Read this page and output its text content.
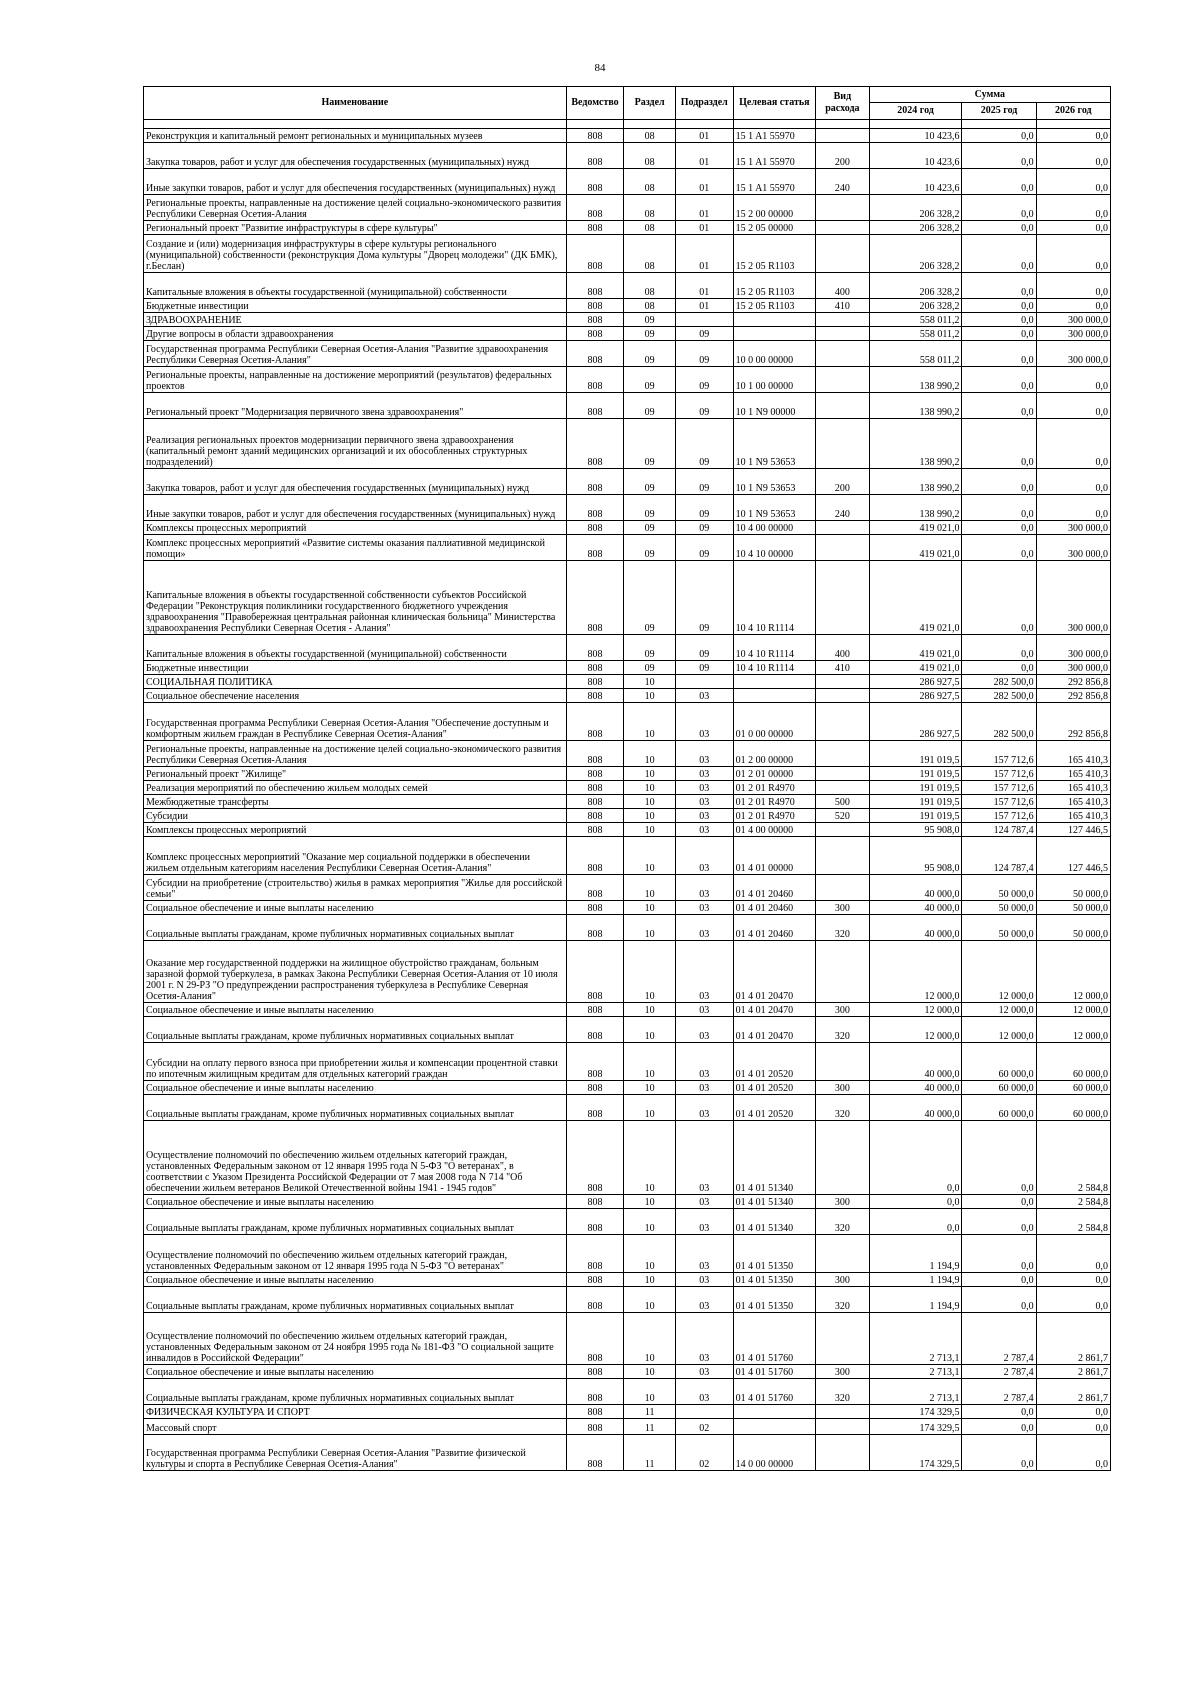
84
Наименование	Ведомство	Раздел	Подраздел	Целевая статья	Вид расхода	Сумма		
						2024 год	2025 год	2026 год

Реконструкция и капитальный ремонт региональных и муниципальных музеев	808	08	01	15 1 A1 55970		10 423,6	0,0	0,0
Закупка товаров, работ и услуг для обеспечения государственных (муниципальных) нужд	808	08	01	15 1 A1 55970	200	10 423,6	0,0	0,0
Иные закупки товаров, работ и услуг для обеспечения государственных (муниципальных) нужд	808	08	01	15 1 A1 55970	240	10 423,6	0,0	0,0
Региональные проекты, направленные на достижение целей социально-экономического развития Республики Северная Осетия-Алания	808	08	01	15 2 00 00000		206 328,2	0,0	0,0
Региональный проект "Развитие инфраструктуры в сфере культуры"	808	08	01	15 2 05 00000		206 328,2	0,0	0,0
Создание и (или) модернизация инфраструктуры в сфере культуры регионального (муниципальной) собственности (реконструкция Дома культуры "Дворец молодежи" (ДК БМК), г.Беслан)	808	08	01	15 2 05 R1103		206 328,2	0,0	0,0
Капитальные вложения в объекты государственной (муниципальной) собственности	808	08	01	15 2 05 R1103	400	206 328,2	0,0	0,0
Бюджетные инвестиции	808	08	01	15 2 05 R1103	410	206 328,2	0,0	0,0
ЗДРАВООХРАНЕНИЕ	808	09				558 011,2	0,0	300 000,0
Другие вопросы в области здравоохранения	808	09	09			558 011,2	0,0	300 000,0
Государственная программа Республики Северная Осетия-Алания "Развитие здравоохранения Республики Северная Осетия-Алания"	808	09	09	10 0 00 00000		558 011,2	0,0	300 000,0
Региональные проекты, направленные на достижение мероприятий (результатов) федеральных проектов	808	09	09	10 1 00 00000		138 990,2	0,0	0,0
Региональный проект "Модернизация первичного звена здравоохранения"	808	09	09	10 1 N9 00000		138 990,2	0,0	0,0
Реализация региональных проектов модернизации первичного звена здравоохранения (капитальный ремонт зданий медицинских организаций и их обособленных структурных подразделений)	808	09	09	10 1 N9 53653		138 990,2	0,0	0,0
Закупка товаров, работ и услуг для обеспечения государственных (муниципальных) нужд	808	09	09	10 1 N9 53653	200	138 990,2	0,0	0,0
Иные закупки товаров, работ и услуг для обеспечения государственных (муниципальных) нужд	808	09	09	10 1 N9 53653	240	138 990,2	0,0	0,0
Комплексы процессных мероприятий	808	09	09	10 4 00 00000		419 021,0	0,0	300 000,0
Комплекс процессных мероприятий «Развитие системы оказания паллиативной медицинской помощи»	808	09	09	10 4 10 00000		419 021,0	0,0	300 000,0
Капитальные вложения в объекты государственной собственности субъектов Российской Федерации "Реконструкция поликлиники государственного бюджетного учреждения здравоохранения "Правобережная центральная районная клиническая больница" Министерства здравоохранения Республики Северная Осетия - Алания"	808	09	09	10 4 10 R1114		419 021,0	0,0	300 000,0
Капитальные вложения в объекты государственной (муниципальной) собственности	808	09	09	10 4 10 R1114	400	419 021,0	0,0	300 000,0
Бюджетные инвестиции	808	09	09	10 4 10 R1114	410	419 021,0	0,0	300 000,0
СОЦИАЛЬНАЯ ПОЛИТИКА	808	10				286 927,5	282 500,0	292 856,8
Социальное обеспечение населения	808	10	03			286 927,5	282 500,0	292 856,8
Государственная программа Республики Северная Осетия-Алания "Обеспечение доступным и комфортным жильем граждан в Республике Северная Осетия-Алания"	808	10	03	01 0 00 00000		286 927,5	282 500,0	292 856,8
Региональные проекты, направленные на достижение целей социально-экономического развития Республики Северная Осетия-Алания	808	10	03	01 2 00 00000		191 019,5	157 712,6	165 410,3
Региональный проект "Жилище"	808	10	03	01 2 01 00000		191 019,5	157 712,6	165 410,3
Реализация мероприятий по обеспечению жильем молодых семей	808	10	03	01 2 01 R4970		191 019,5	157 712,6	165 410,3
Межбюджетные трансферты	808	10	03	01 2 01 R4970	500	191 019,5	157 712,6	165 410,3
Субсидии	808	10	03	01 2 01 R4970	520	191 019,5	157 712,6	165 410,3
Комплексы процессных мероприятий	808	10	03	01 4 00 00000		95 908,0	124 787,4	127 446,5
Комплекс процессных мероприятий "Оказание мер социальной поддержки в обеспечении жильем отдельным категориям населения Республики Северная Осетия-Алания"	808	10	03	01 4 01 00000		95 908,0	124 787,4	127 446,5
Субсидии на приобретение (строительство) жилья в рамках мероприятия "Жилье для российской семьи"	808	10	03	01 4 01 20460		40 000,0	50 000,0	50 000,0
Социальное обеспечение и иные выплаты населению	808	10	03	01 4 01 20460	300	40 000,0	50 000,0	50 000,0
Социальные выплаты гражданам, кроме публичных нормативных социальных выплат	808	10	03	01 4 01 20460	320	40 000,0	50 000,0	50 000,0
Оказание мер государственной поддержки на жилищное обустройство гражданам, больным заразной формой туберкулеза, в рамках Закона Республики Северная Осетия-Алания от 10 июля 2001 г. N 29-РЗ "О предупреждении распространения туберкулеза в Республике Северная Осетия-Алания"	808	10	03	01 4 01 20470		12 000,0	12 000,0	12 000,0
Социальное обеспечение и иные выплаты населению	808	10	03	01 4 01 20470	300	12 000,0	12 000,0	12 000,0
Социальные выплаты гражданам, кроме публичных нормативных социальных выплат	808	10	03	01 4 01 20470	320	12 000,0	12 000,0	12 000,0
Субсидии на оплату первого взноса при приобретении жилья и компенсации процентной ставки по ипотечным жилищным кредитам для отдельных категорий граждан	808	10	03	01 4 01 20520		40 000,0	60 000,0	60 000,0
Социальное обеспечение и иные выплаты населению	808	10	03	01 4 01 20520	300	40 000,0	60 000,0	60 000,0
Социальные выплаты гражданам, кроме публичных нормативных социальных выплат	808	10	03	01 4 01 20520	320	40 000,0	60 000,0	60 000,0
Осуществление полномочий по обеспечению жильем отдельных категорий граждан, установленных Федеральным законом от 12 января 1995 года N 5-ФЗ "О ветеранах", в соответствии с Указом Президента Российской Федерации от 7 мая 2008 года N 714 "Об обеспечении жильем ветеранов Великой Отечественной войны 1941 - 1945 годов"	808	10	03	01 4 01 51340		0,0	0,0	2 584,8
Социальное обеспечение и иные выплаты населению	808	10	03	01 4 01 51340	300	0,0	0,0	2 584,8
Социальные выплаты гражданам, кроме публичных нормативных социальных выплат	808	10	03	01 4 01 51340	320	0,0	0,0	2 584,8
Осуществление полномочий по обеспечению жильем отдельных категорий граждан, установленных Федеральным законом от 12 января 1995 года N 5-ФЗ "О ветеранах"	808	10	03	01 4 01 51350		1 194,9	0,0	0,0
Социальное обеспечение и иные выплаты населению	808	10	03	01 4 01 51350	300	1 194,9	0,0	0,0
Социальные выплаты гражданам, кроме публичных нормативных социальных выплат	808	10	03	01 4 01 51350	320	1 194,9	0,0	0,0
Осуществление полномочий по обеспечению жильем отдельных категорий граждан, установленных Федеральным законом от 24 ноября 1995 года № 181-ФЗ "О социальной защите инвалидов в Российской Федерации"	808	10	03	01 4 01 51760		2 713,1	2 787,4	2 861,7
Социальное обеспечение и иные выплаты населению	808	10	03	01 4 01 51760	300	2 713,1	2 787,4	2 861,7
Социальные выплаты гражданам, кроме публичных нормативных социальных выплат	808	10	03	01 4 01 51760	320	2 713,1	2 787,4	2 861,7
ФИЗИЧЕСКАЯ КУЛЬТУРА И СПОРТ	808	11				174 329,5	0,0	0,0
Массовый спорт	808	11	02			174 329,5	0,0	0,0
Государственная программа Республики Северная Осетия-Алания "Развитие физической культуры и спорта в Республике Северная Осетия-Алания"	808	11	02	14 0 00 00000		174 329,5	0,0	0,0
